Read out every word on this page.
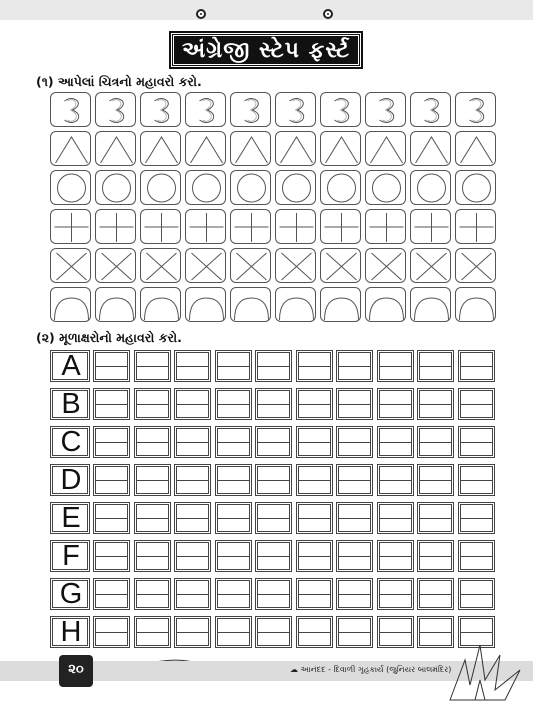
અંગ્રેજી સ્ટેપ ફર્સ્ટ
(૧) આપેલાં ચિત્રનો મહાવરો કરો.
(૨) મૂળાક્ષરોનો મહાવરો કરો.
A
B
C
D
E
F
G
H
૨૦	☁ આનંદદ - દિવાળી ગૃહકાર્ય (જુનિયર બાલમંદિર)
